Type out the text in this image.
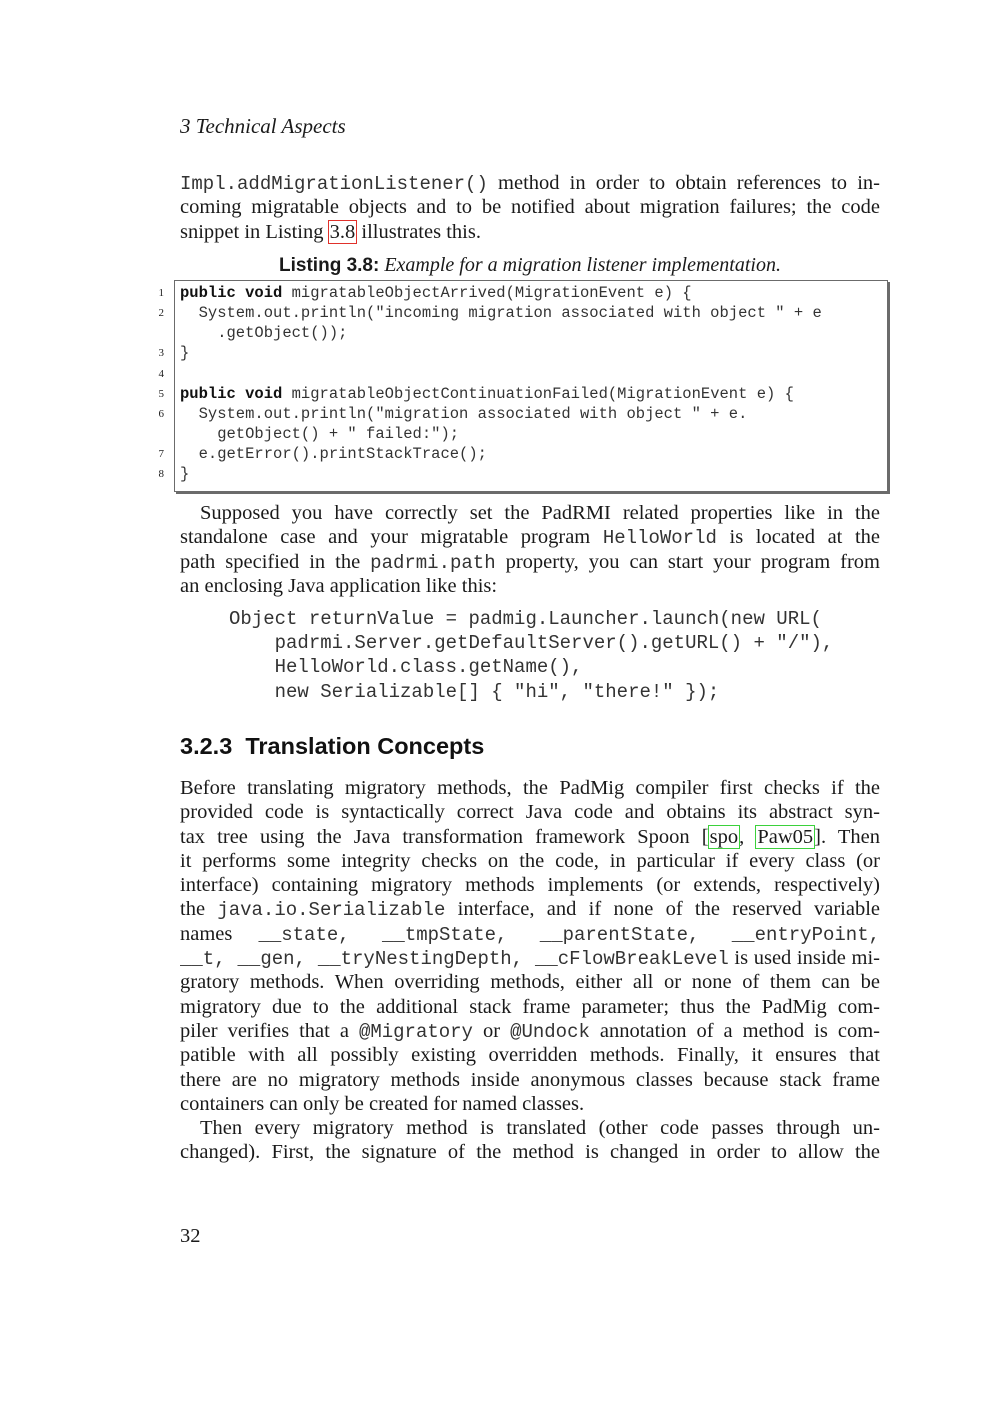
3 Technical Aspects
Impl.addMigrationListener() method in order to obtain references to in-
coming migratable objects and to be notified about migration failures; the code
snippet in Listing 3.8 illustrates this.
Listing 3.8: Example for a migration listener implementation.
1
2
3
4
5
6
7
8
public void migratableObjectArrived(MigrationEvent e) {
System.out.println("incoming migration associated with object " + e
.getObject());
}
public void migratableObjectContinuationFailed(MigrationEvent e) {
System.out.println("migration associated with object " + e.
getObject() + " failed:");
e.getError().printStackTrace();
}
Supposed you have correctly set the PadRMI related properties like in the
standalone case and your migratable program HelloWorld is located at the
path specified in the padrmi.path property, you can start your program from
an enclosing Java application like this:
Object returnValue = padmig.Launcher.launch(new URL(
padrmi.Server.getDefaultServer().getURL() + "/"),
HelloWorld.class.getName(),
new Serializable[] { "hi", "there!" });
3.2.3 Translation Concepts
Before translating migratory methods, the PadMig compiler first checks if the
provided code is syntactically correct Java code and obtains its abstract syn-
tax tree using the Java transformation framework Spoon [spo, Paw05]. Then
it performs some integrity checks on the code, in particular if every class (or
interface) containing migratory methods implements (or extends, respectively)
the java.io.Serializable interface, and if none of the reserved variable
names __state, __tmpState, __parentState, __entryPoint,
__t, __gen, __tryNestingDepth, __cFlowBreakLevel is used inside mi-
gratory methods. When overriding methods, either all or none of them can be
migratory due to the additional stack frame parameter; thus the PadMig com-
piler verifies that a @Migratory or @Undock annotation of a method is com-
patible with all possibly existing overridden methods. Finally, it ensures that
there are no migratory methods inside anonymous classes because stack frame
containers can only be created for named classes.
Then every migratory method is translated (other code passes through un-
changed). First, the signature of the method is changed in order to allow the
32
